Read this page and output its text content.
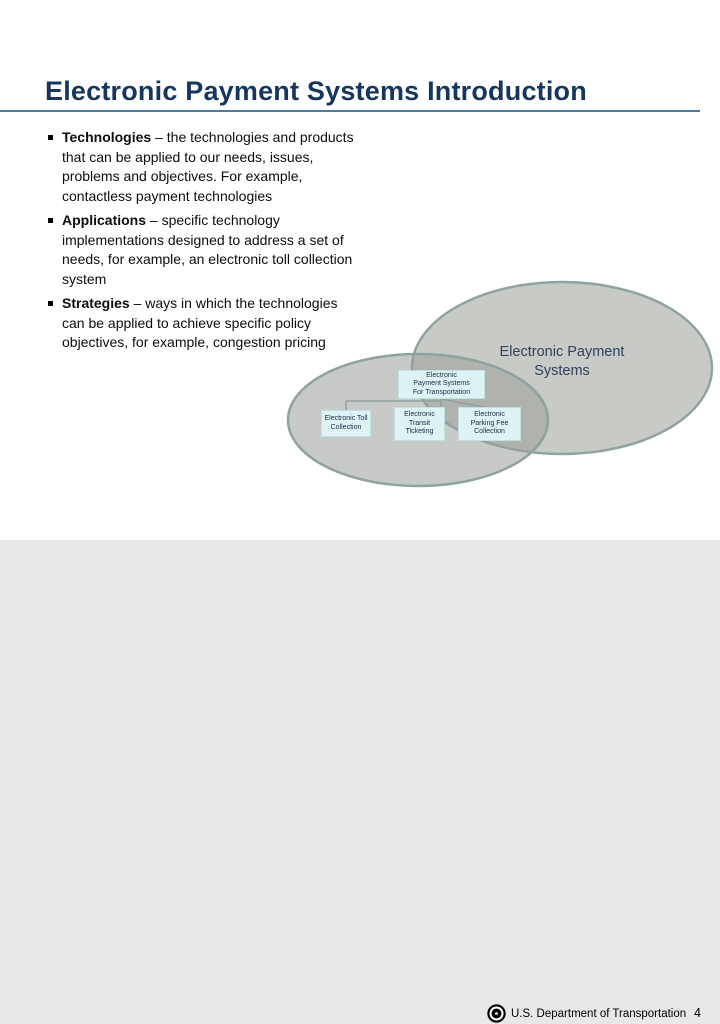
Electronic Payment
Systems
Electronic
Payment Systems
For Transportation
Electronic Toll
Collection
Electronic
Transit
Ticketing
Electronic
Parking Fee
Collection
Electronic Payment Systems Introduction
Technologies – the technologies and products that can be applied to our needs, issues, problems and objectives. For example, contactless payment technologies
Applications – specific technology implementations designed to address a set of needs, for example, an electronic toll collection system
Strategies – ways in which the technologies can be applied to achieve specific policy objectives, for example, congestion pricing
U.S. Department of Transportation 4
